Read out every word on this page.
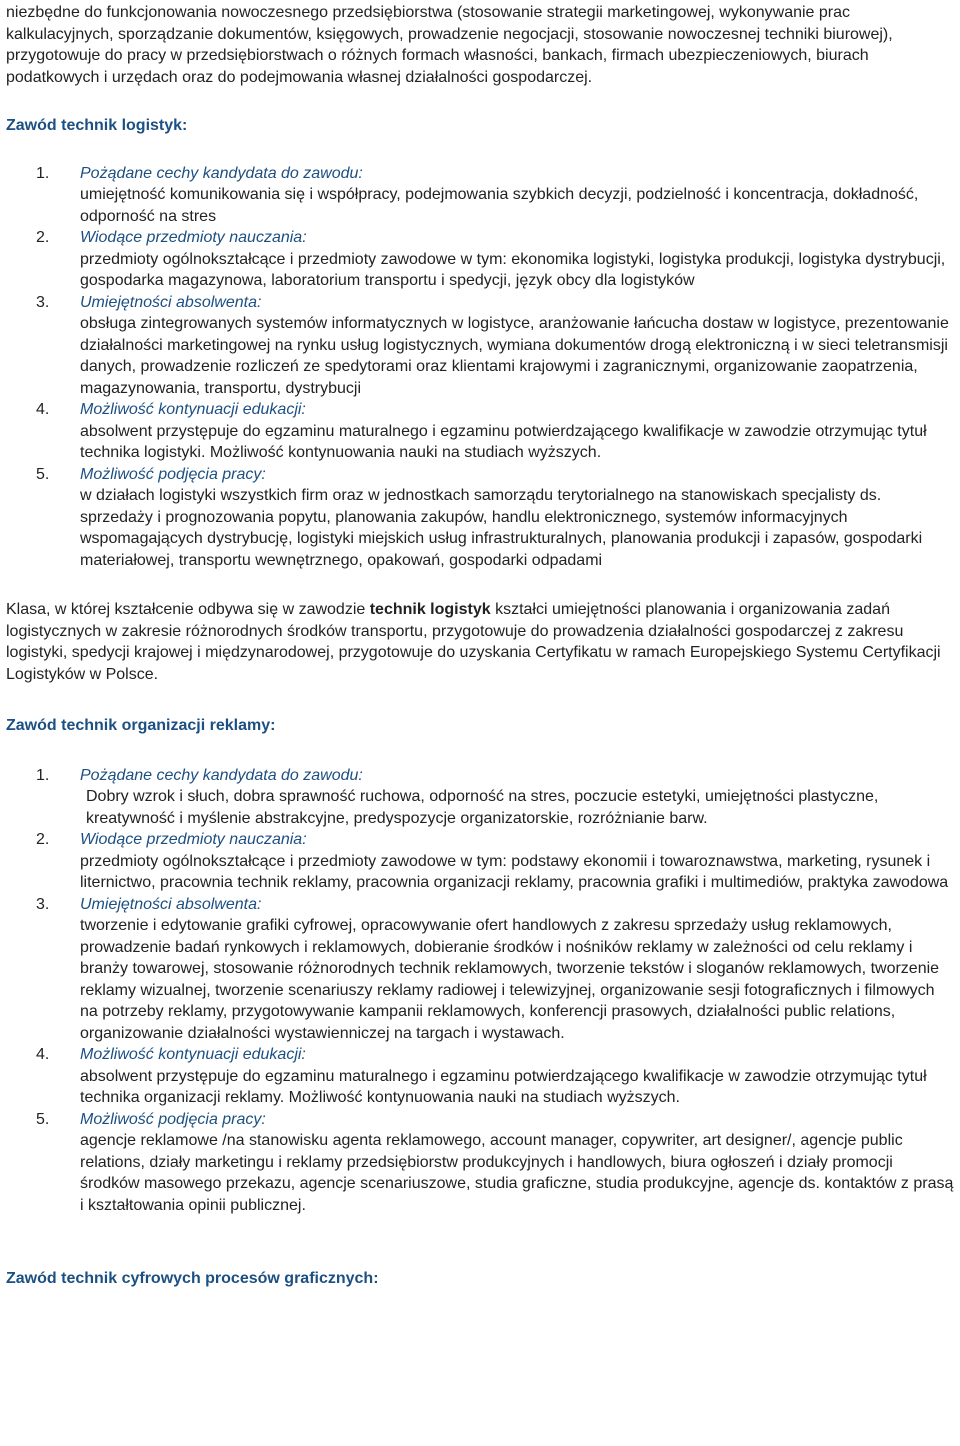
niezbędne do funkcjonowania nowoczesnego przedsiębiorstwa (stosowanie strategii marketingowej, wykonywanie prac kalkulacyjnych, sporządzanie dokumentów, księgowych, prowadzenie negocjacji, stosowanie nowoczesnej techniki biurowej), przygotowuje do pracy w przedsiębiorstwach o różnych formach własności, bankach, firmach ubezpieczeniowych, biurach podatkowych i urzędach oraz do podejmowania własnej działalności gospodarczej.

Zawód technik logistyk:
1. Pożądane cechy kandydata do zawodu:
umiejętność komunikowania się i współpracy, podejmowania szybkich decyzji, podzielność i koncentracja, dokładność, odporność na stres
2. Wiodące przedmioty nauczania:
przedmioty ogólnokształcące i przedmioty zawodowe w tym: ekonomika logistyki, logistyka produkcji, logistyka dystrybucji, gospodarka magazynowa, laboratorium transportu i spedycji, język obcy dla logistyków
3. Umiejętności absolwenta:
obsługa zintegrowanych systemów informatycznych w logistyce, aranżowanie łańcucha dostaw w logistyce, prezentowanie działalności marketingowej na rynku usług logistycznych, wymiana dokumentów drogą elektroniczną i w sieci teletransmisji danych, prowadzenie rozliczeń ze spedytorami oraz klientami krajowymi i zagranicznymi, organizowanie zaopatrzenia, magazynowania, transportu, dystrybucji
4. Możliwość kontynuacji edukacji:
absolwent przystępuje do egzaminu maturalnego i egzaminu potwierdzającego kwalifikacje w zawodzie otrzymując tytuł technika logistyki. Możliwość kontynuowania nauki na studiach wyższych.
5. Możliwość podjęcia pracy:
w działach logistyki wszystkich firm oraz w jednostkach samorządu terytorialnego na stanowiskach specjalisty ds. sprzedaży i prognozowania popytu, planowania zakupów, handlu elektronicznego, systemów informacyjnych wspomagających dystrybucję, logistyki miejskich usług infrastrukturalnych, planowania produkcji i zapasów, gospodarki materiałowej, transportu wewnętrznego, opakowań, gospodarki odpadami

Klasa, w której kształcenie odbywa się w zawodzie technik logistyk kształci umiejętności planowania i organizowania zadań logistycznych w zakresie różnorodnych środków transportu, przygotowuje do prowadzenia działalności gospodarczej z zakresu logistyki, spedycji krajowej i międzynarodowej, przygotowuje do uzyskania Certyfikatu w ramach Europejskiego Systemu Certyfikacji Logistyków w Polsce.

Zawód technik organizacji reklamy:
1. Pożądane cechy kandydata do zawodu:
Dobry wzrok i słuch, dobra sprawność ruchowa, odporność na stres, poczucie estetyki, umiejętności plastyczne, kreatywność i myślenie abstrakcyjne, predyspozycje organizatorskie, rozróżnianie barw.
2. Wiodące przedmioty nauczania:
przedmioty ogólnokształcące i przedmioty zawodowe w tym: podstawy ekonomii i towaroznawstwa, marketing, rysunek i liternictwo, pracownia technik reklamy, pracownia organizacji reklamy, pracownia grafiki i multimediów, praktyka zawodowa
3. Umiejętności absolwenta:
tworzenie i edytowanie grafiki cyfrowej, opracowywanie ofert handlowych z zakresu sprzedaży usług reklamowych, prowadzenie badań rynkowych i reklamowych, dobieranie środków i nośników reklamy w zależności od celu reklamy i branży towarowej, stosowanie różnorodnych technik reklamowych, tworzenie tekstów i sloganów reklamowych, tworzenie reklamy wizualnej, tworzenie scenariuszy reklamy radiowej i telewizyjnej, organizowanie sesji fotograficznych i filmowych na potrzeby reklamy, przygotowywanie kampanii reklamowych, konferencji prasowych, działalności public relations, organizowanie działalności wystawienniczej na targach i wystawach.
4. Możliwość kontynuacji edukacji:
absolwent przystępuje do egzaminu maturalnego i egzaminu potwierdzającego kwalifikacje w zawodzie otrzymując tytuł technika organizacji reklamy. Możliwość kontynuowania nauki na studiach wyższych.
5. Możliwość podjęcia pracy:
agencje reklamowe /na stanowisku agenta reklamowego, account manager, copywriter, art designer/, agencje public relations, działy marketingu i reklamy przedsiębiorstw produkcyjnych i handlowych, biura ogłoszeń i działy promocji środków masowego przekazu, agencje scenariuszowe, studia graficzne, studia produkcyjne, agencje ds. kontaktów z prasą i kształtowania opinii publicznej.
Zawód technik cyfrowych procesów graficznych:
